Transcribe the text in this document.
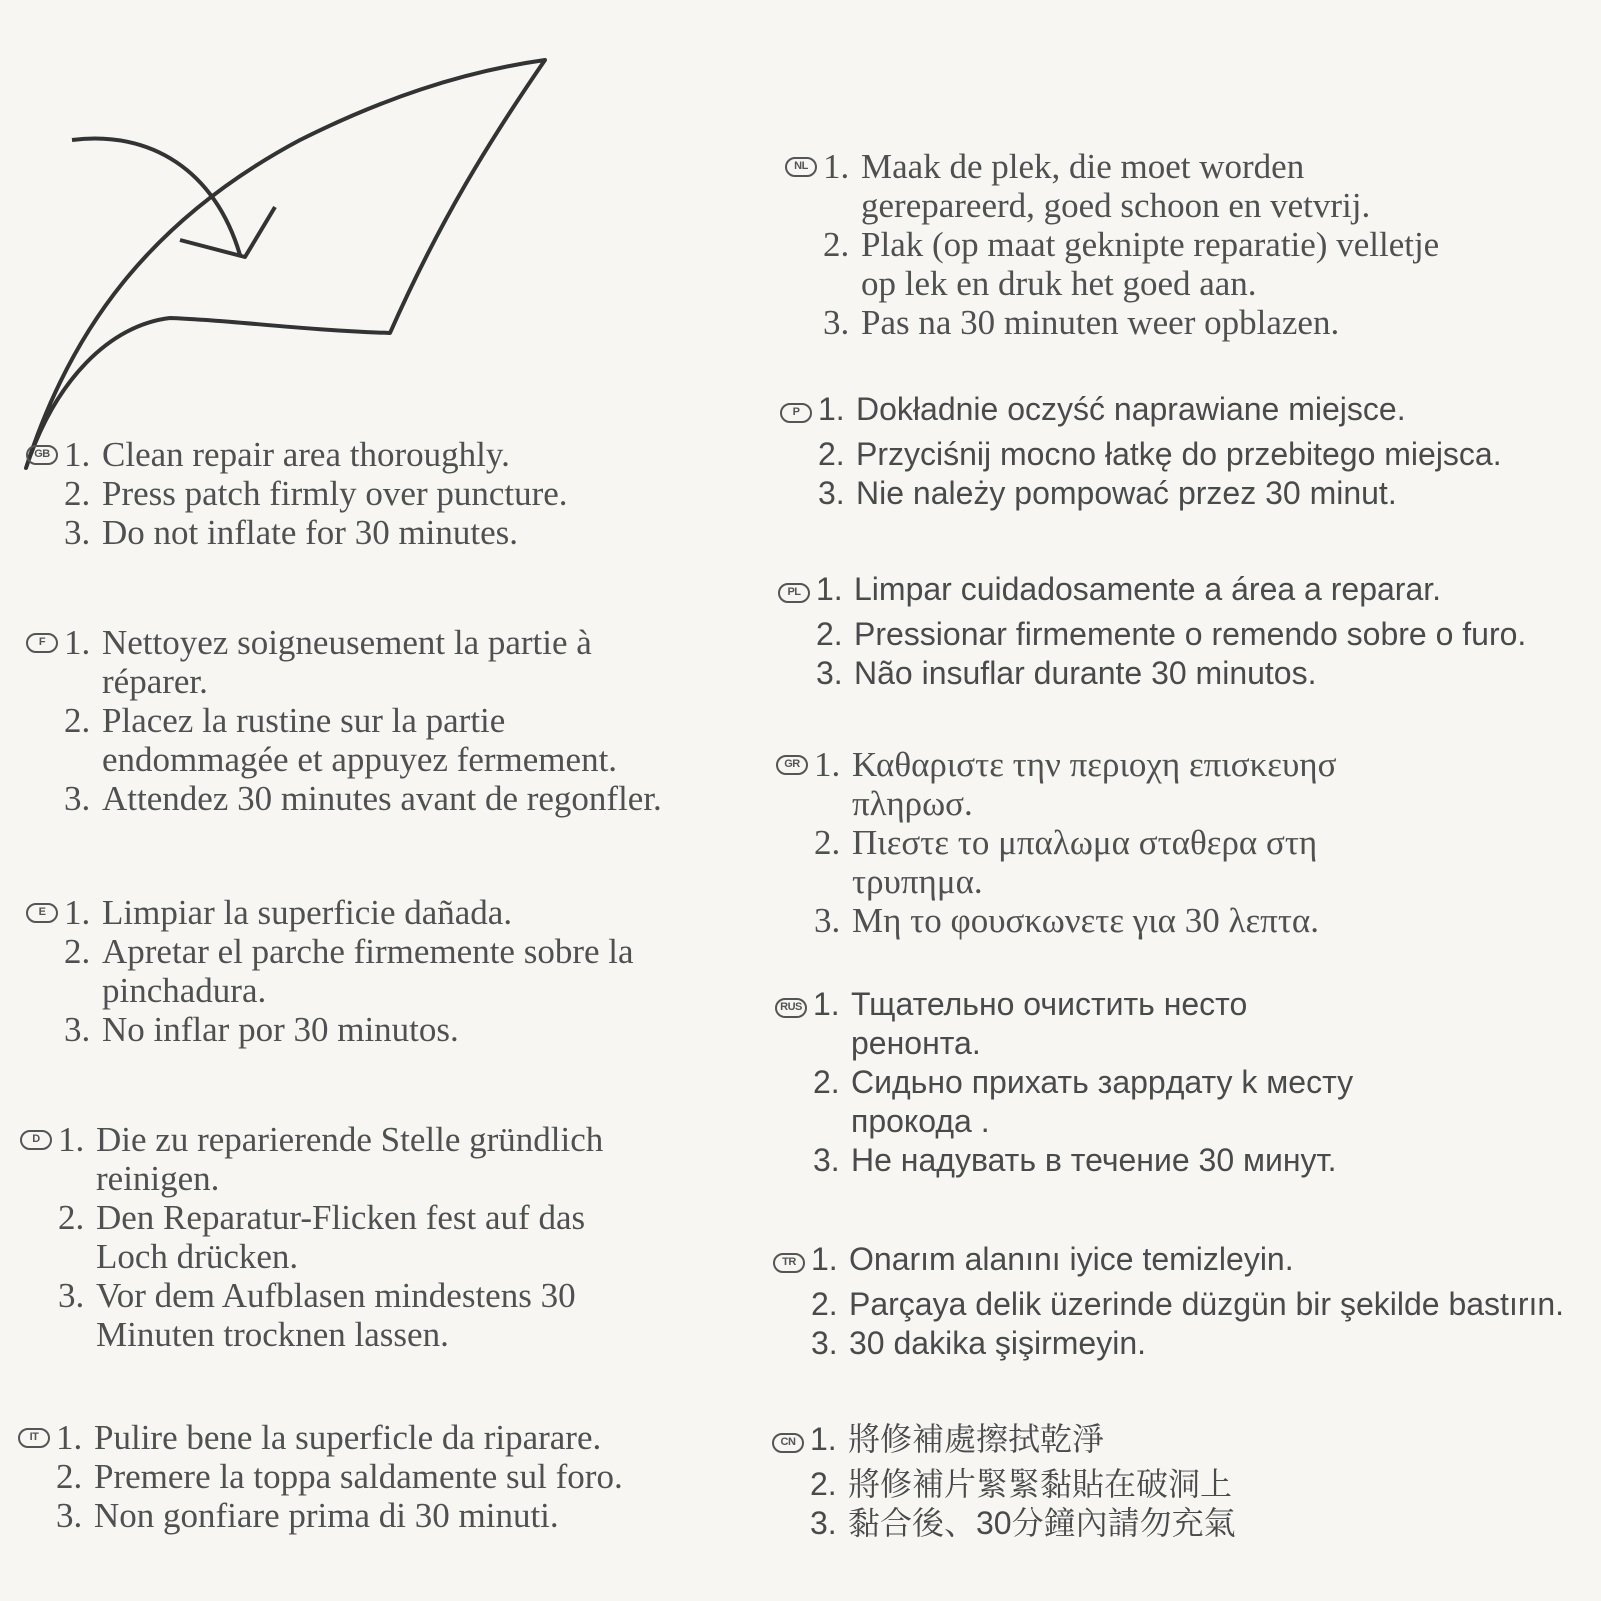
GB 1. Clean repair area thoroughly.
2. Press patch firmly over puncture.
3. Do not inflate for 30 minutes.
F 1. Nettoyez soigneusement la partie à
réparer.
2. Placez la rustine sur la partie
endommagée et appuyez fermement.
3. Attendez 30 minutes avant de regonfler.
E 1. Limpiar la superficie dañada.
2. Apretar el parche firmemente sobre la
pinchadura.
3. No inflar por 30 minutos.
D 1. Die zu reparierende Stelle gründlich
reinigen.
2. Den Reparatur-Flicken fest auf das
Loch drücken.
3. Vor dem Aufblasen mindestens 30
Minuten trocknen lassen.
IT 1. Pulire bene la superficle da riparare.
2. Premere la toppa saldamente sul foro.
3. Non gonfiare prima di 30 minuti.
NL 1. Maak de plek, die moet worden
gerepareerd, goed schoon en vetvrij.
2. Plak (op maat geknipte reparatie) velletje
op lek en druk het goed aan.
3. Pas na 30 minuten weer opblazen.
P 1. Dokładnie oczyść naprawiane miejsce.
2. Przyciśnij mocno łatkę do przebitego miejsca.
3. Nie należy pompować przez 30 minut.
PL 1. Limpar cuidadosamente a área a reparar.
2. Pressionar firmemente o remendo sobre o furo.
3. Não insuflar durante 30 minutos.
GR 1. Καθαριστε την περιοχη επισκευησ
πληρωσ.
2. Πιεστε το μπαλωμα σταθερα στη
τρυπημα.
3. Μη το φουσκωνετε για 30 λεπτα.
RUS 1. Тщательно очистить несто
ренонта.
2. Сидьно прихать зappдату k месту
прокода .
3. Не надувать в течение 30 минут.
TR 1. Onarım alanını iyice temizleyin.
2. Parçaya delik üzerinde düzgün bir şekilde bastırın.
3. 30 dakika şişirmeyin.
CN 1. 將修補處擦拭乾淨
2. 將修補片緊緊黏貼在破洞上
3. 黏合後、30分鐘內請勿充氣
